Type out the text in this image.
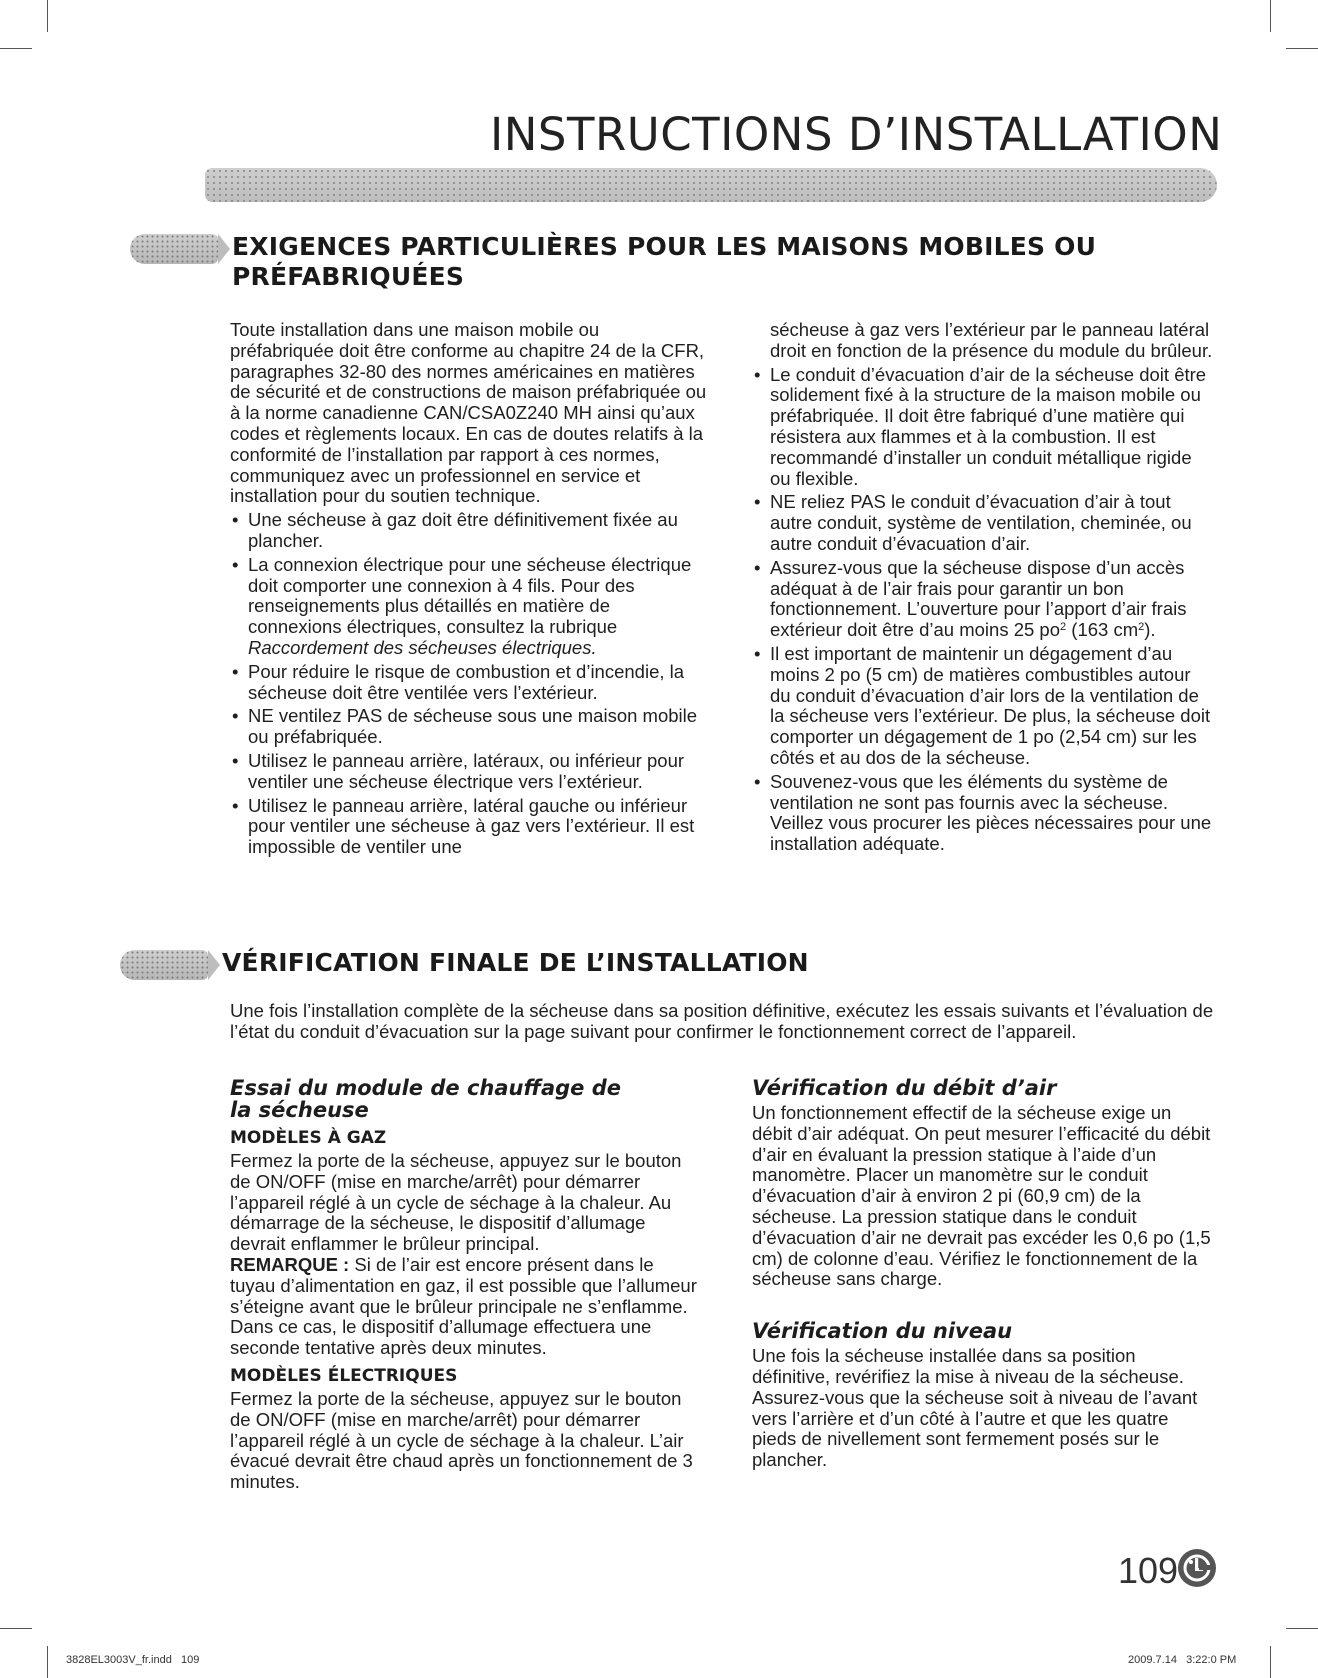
INSTRUCTIONS D’INSTALLATION
EXIGENCES PARTICULIÈRES POUR LES MAISONS MOBILES OU
PRÉFABRIQUÉES

Toute installation dans une maison mobile ou préfabriquée doit être conforme au chapitre 24 de la CFR, paragraphes 32-80 des normes américaines en matières de sécurité et de constructions de maison préfabriquée ou à la norme canadienne CAN/CSA0Z240 MH ainsi qu’aux codes et règlements locaux. En cas de doutes relatifs à la conformité de l’installation par rapport à ces normes, communiquez avec un professionnel en service et installation pour du soutien technique.

• Une sécheuse à gaz doit être définitivement fixée au plancher.
• La connexion électrique pour une sécheuse électrique doit comporter une connexion à 4 fils. Pour des renseignements plus détaillés en matière de connexions électriques, consultez la rubrique Raccordement des sécheuses électriques.
• Pour réduire le risque de combustion et d’incendie, la sécheuse doit être ventilée vers l’extérieur.
• NE ventilez PAS de sécheuse sous une maison mobile ou préfabriquée.
• Utilisez le panneau arrière, latéraux, ou inférieur pour ventiler une sécheuse électrique vers l’extérieur.
• Utilisez le panneau arrière, latéral gauche ou inférieur pour ventiler une sécheuse à gaz vers l’extérieur. Il est impossible de ventiler une
sécheuse à gaz vers l’extérieur par le panneau latéral droit en fonction de la présence du module du brûleur.
• Le conduit d’évacuation d’air de la sécheuse doit être solidement fixé à la structure de la maison mobile ou préfabriquée. Il doit être fabriqué d’une matière qui résistera aux flammes et à la combustion. Il est recommandé d’installer un conduit métallique rigide ou flexible.
• NE reliez PAS le conduit d’évacuation d’air à tout autre conduit, système de ventilation, cheminée, ou autre conduit d’évacuation d’air.
• Assurez-vous que la sécheuse dispose d’un accès adéquat à de l’air frais pour garantir un bon fonctionnement. L’ouverture pour l’apport d’air frais extérieur doit être d’au moins 25 $po^2$ (163 $cm^2$).
• Il est important de maintenir un dégagement d’au moins 2 po (5 cm) de matières combustibles autour du conduit d’évacuation d’air lors de la ventilation de la sécheuse vers l’extérieur. De plus, la sécheuse doit comporter un dégagement de 1 po (2,54 cm) sur les côtés et au dos de la sécheuse.
• Souvenez-vous que les éléments du système de ventilation ne sont pas fournis avec la sécheuse. Veillez vous procurer les pièces nécessaires pour une installation adéquate.
VÉRIFICATION FINALE DE L’INSTALLATION

Une fois l’installation complète de la sécheuse dans sa position définitive, exécutez les essais suivants et l’évaluation de l’état du conduit d’évacuation sur la page suivant pour confirmer le fonctionnement correct de l’appareil.

Essai du module de chauffage de
la sécheuse
MODÈLES À GAZ

Fermez la porte de la sécheuse, appuyez sur le bouton de ON/OFF (mise en marche/arrêt) pour démarrer l’appareil réglé à un cycle de séchage à la chaleur. Au démarrage de la sécheuse, le dispositif d’allumage devrait enflammer le brûleur principal.

REMARQUE : Si de l’air est encore présent dans le tuyau d’alimentation en gaz, il est possible que l’allumeur s’éteigne avant que le brûleur principale ne s’enflamme. Dans ce cas, le dispositif d’allumage effectuera une seconde tentative après deux minutes.

MODÈLES ÉLECTRIQUES

Fermez la porte de la sécheuse, appuyez sur le bouton de ON/OFF (mise en marche/arrêt) pour démarrer l’appareil réglé à un cycle de séchage à la chaleur. L’air évacué devrait être chaud après un fonctionnement de 3 minutes.

Vérification du débit d’air

Un fonctionnement effectif de la sécheuse exige un débit d’air adéquat. On peut mesurer l’efficacité du débit d’air en évaluant la pression statique à l’aide d’un manomètre. Placer un manomètre sur le conduit d’évacuation d’air à environ 2 pi (60,9 cm) de la sécheuse. La pression statique dans le conduit d’évacuation d’air ne devrait pas excéder les 0,6 po (1,5 cm) de colonne d’eau. Vérifiez le fonctionnement de la sécheuse sans charge.

Vérification du niveau

Une fois la sécheuse installée dans sa position définitive, revérifiez la mise à niveau de la sécheuse. Assurez-vous que la sécheuse soit à niveau de l’avant vers l’arrière et d’un côté à l’autre et que les quatre pieds de nivellement sont fermement posés sur le plancher.

109
3828EL3003V_fr.indd   109	2009.7.14   3:22:0 PM
